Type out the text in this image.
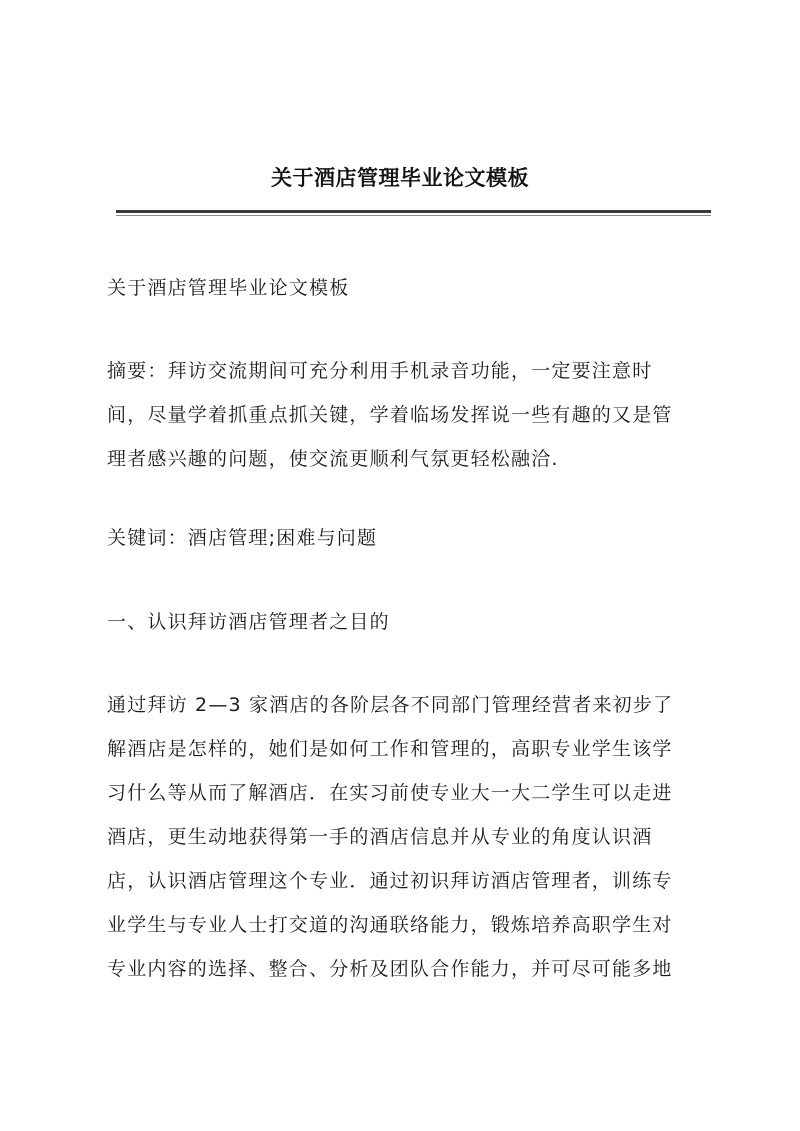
关于酒店管理毕业论文模板
关于酒店管理毕业论文模板
摘要：拜访交流期间可充分利用手机录音功能，一定要注意时
间，尽量学着抓重点抓关键，学着临场发挥说一些有趣的又是管
理者感兴趣的问题，使交流更顺利气氛更轻松融洽.
关键词：酒店管理;困难与问题
一、认识拜访酒店管理者之目的
通过拜访 2—3 家酒店的各阶层各不同部门管理经营者来初步了
解酒店是怎样的，她们是如何工作和管理的，高职专业学生该学
习什么等从而了解酒店．在实习前使专业大一大二学生可以走进
酒店，更生动地获得第一手的酒店信息并从专业的角度认识酒
店，认识酒店管理这个专业．通过初识拜访酒店管理者，训练专
业学生与专业人士打交道的沟通联络能力，锻炼培养高职学生对
专业内容的选择、整合、分析及团队合作能力，并可尽可能多地
